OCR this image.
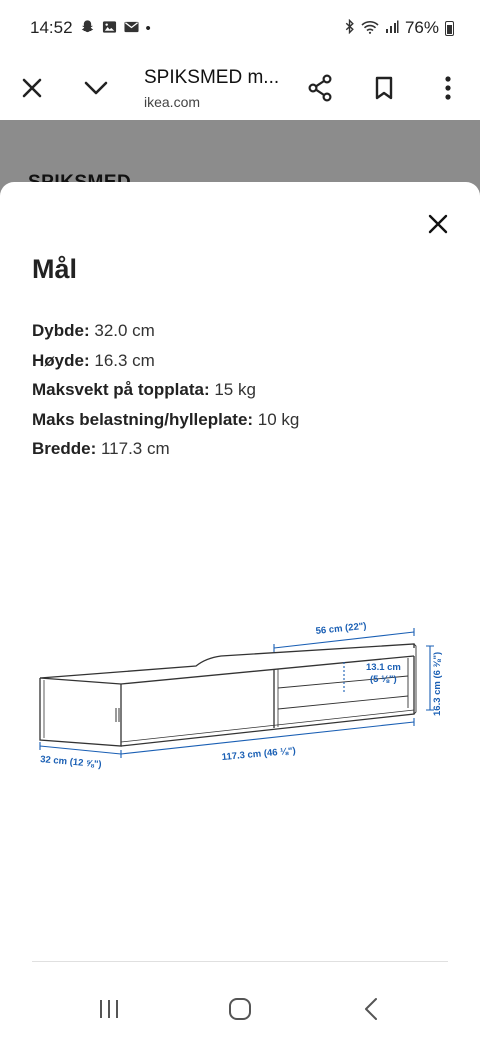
14:52	•	76%
SPIKSMED m...
ikea.com
Mål
Dybde: 32.0 cm
Høyde: 16.3 cm
Maksvekt på topplata: 15 kg
Maks belastning/hylleplate: 10 kg
Bredde: 117.3 cm
56 cm (22")
13.1 cm
(5 ⅛")	16.3 cm (6 ⅜")
117.3 cm (46 ⅛")
32 cm (12 ⅝")
